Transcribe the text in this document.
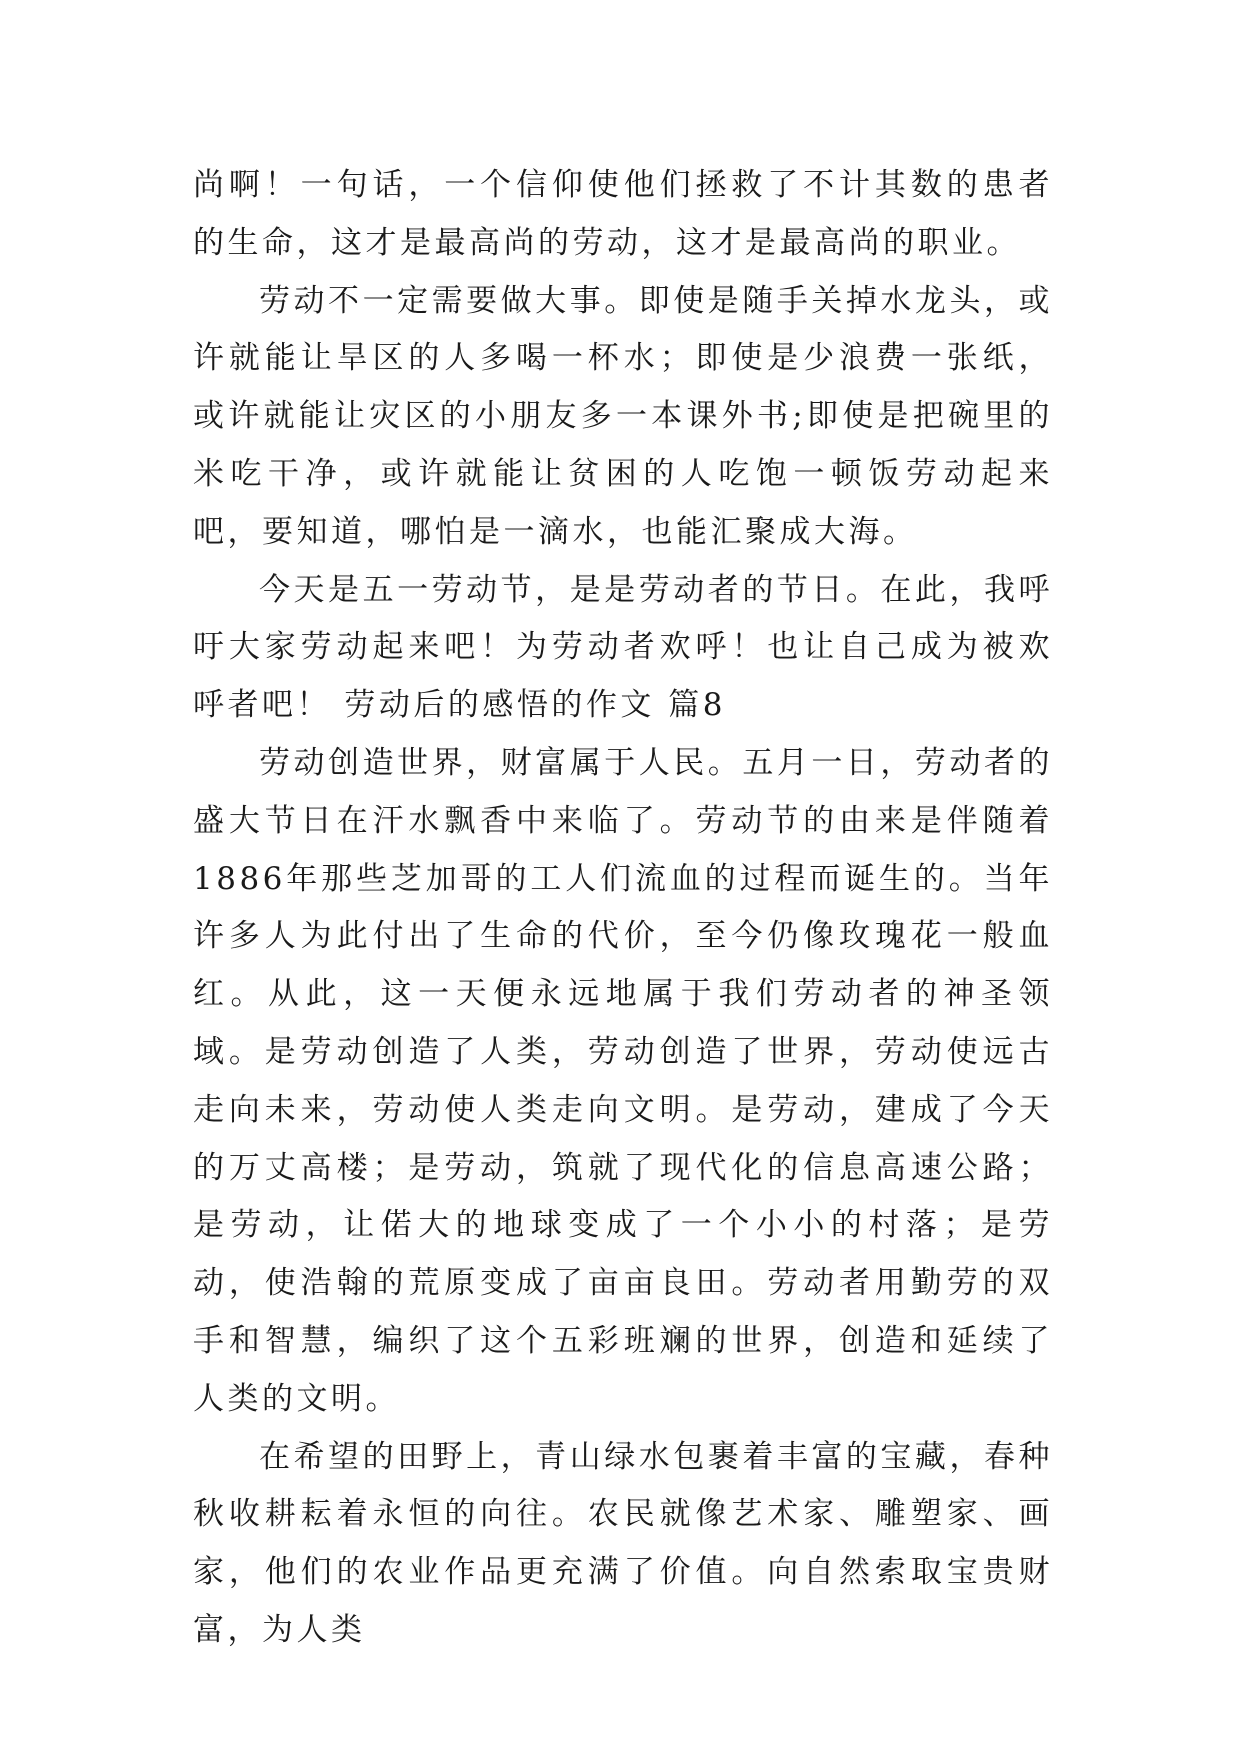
尚啊！一句话，一个信仰使他们拯救了不计其数的患者的生命，这才是最高尚的劳动，这才是最高尚的职业。

劳动不一定需要做大事。即使是随手关掉水龙头，或许就能让旱区的人多喝一杯水；即使是少浪费一张纸，或许就能让灾区的小朋友多一本课外书;即使是把碗里的米吃干净，或许就能让贫困的人吃饱一顿饭劳动起来吧，要知道，哪怕是一滴水，也能汇聚成大海。

今天是五一劳动节，是是劳动者的节日。在此，我呼吁大家劳动起来吧！为劳动者欢呼！也让自己成为被欢呼者吧！ 劳动后的感悟的作文 篇8

劳动创造世界，财富属于人民。五月一日，劳动者的盛大节日在汗水飘香中来临了。劳动节的由来是伴随着1886年那些芝加哥的工人们流血的过程而诞生的。当年许多人为此付出了生命的代价，至今仍像玫瑰花一般血红。从此，这一天便永远地属于我们劳动者的神圣领域。是劳动创造了人类，劳动创造了世界，劳动使远古走向未来，劳动使人类走向文明。是劳动，建成了今天的万丈高楼；是劳动，筑就了现代化的信息高速公路；是劳动，让偌大的地球变成了一个小小的村落；是劳动，使浩翰的荒原变成了亩亩良田。劳动者用勤劳的双手和智慧，编织了这个五彩班斓的世界，创造和延续了人类的文明。

在希望的田野上，青山绿水包裹着丰富的宝藏，春种秋收耕耘着永恒的向往。农民就像艺术家、雕塑家、画家，他们的农业作品更充满了价值。向自然索取宝贵财富，为人类
